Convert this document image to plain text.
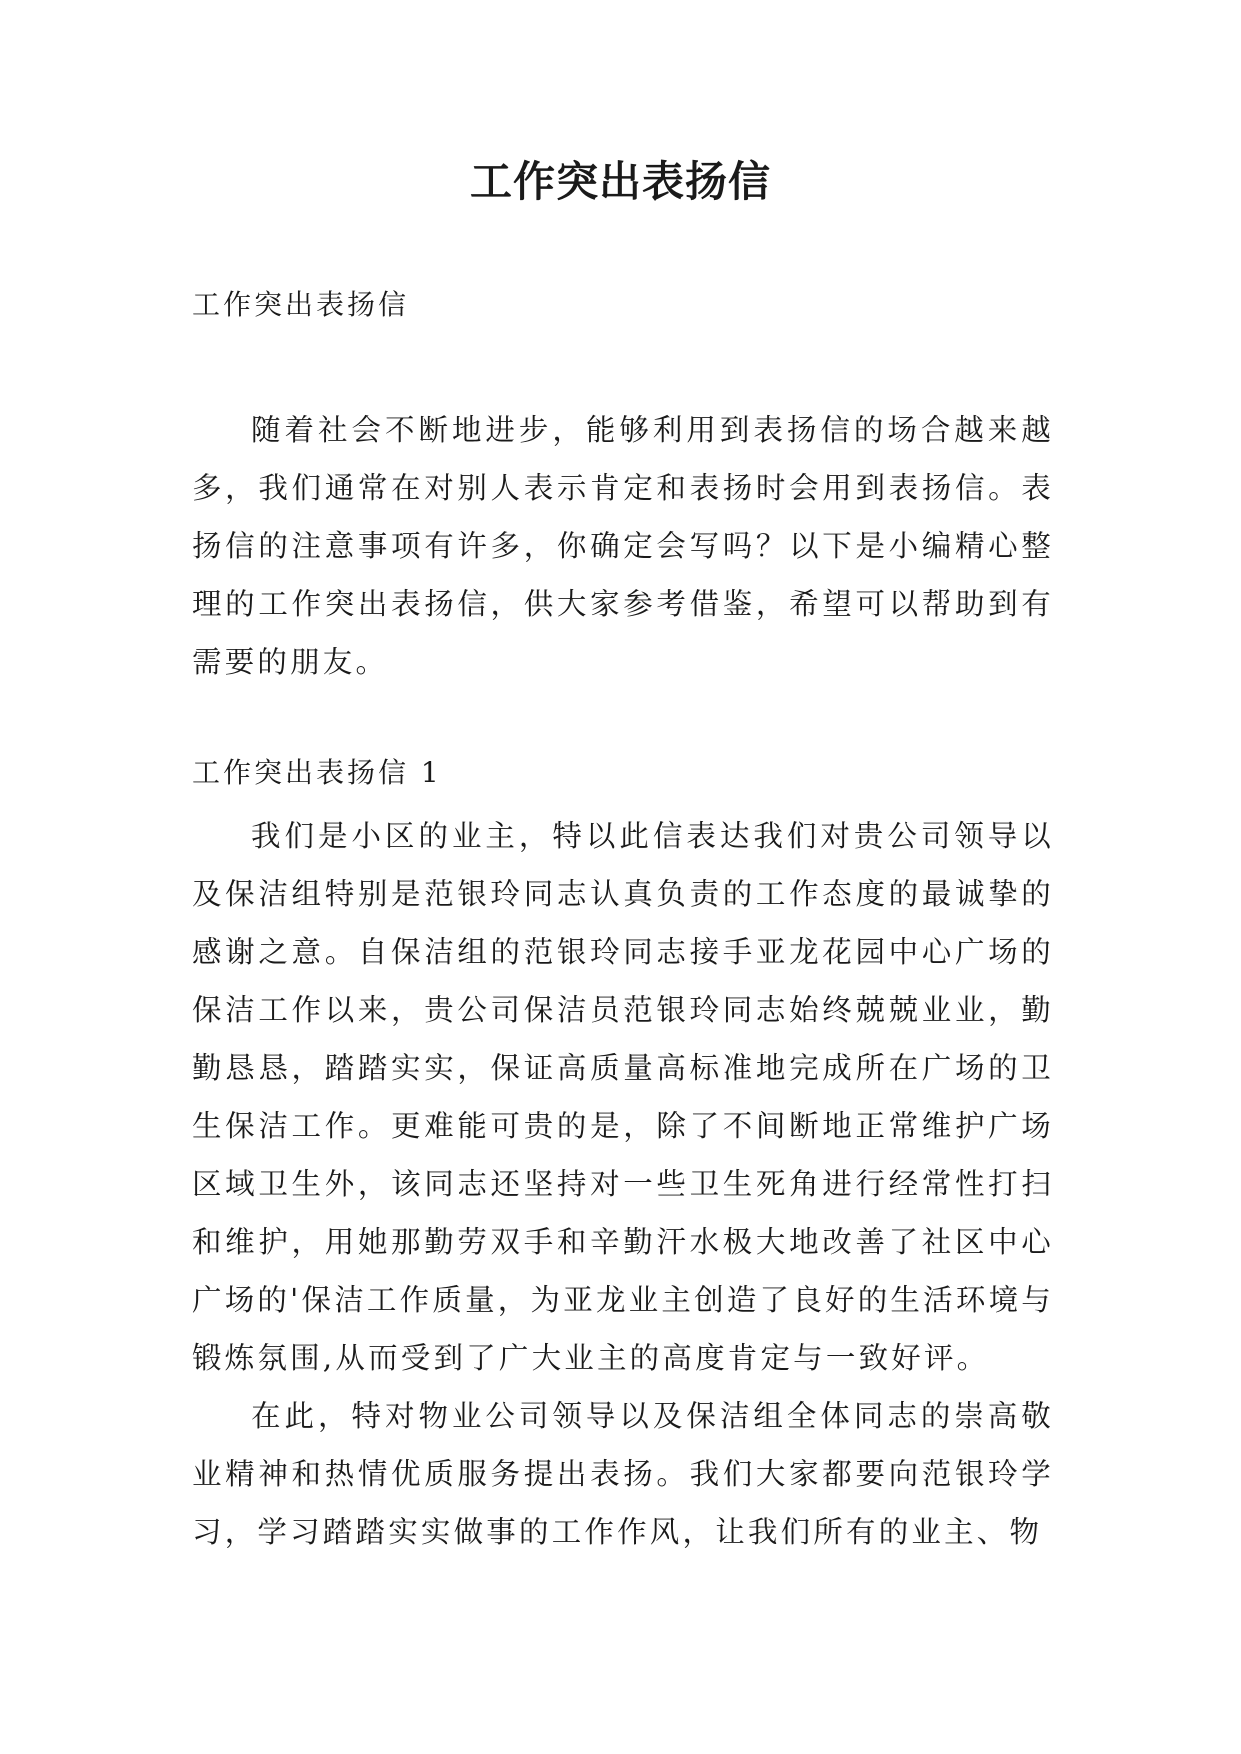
工作突出表扬信

工作突出表扬信

随着社会不断地进步，能够利用到表扬信的场合越来越多，我们通常在对别人表示肯定和表扬时会用到表扬信。表扬信的注意事项有许多，你确定会写吗？以下是小编精心整理的工作突出表扬信，供大家参考借鉴，希望可以帮助到有需要的朋友。

工作突出表扬信 1

我们是小区的业主，特以此信表达我们对贵公司领导以及保洁组特别是范银玲同志认真负责的工作态度的最诚挚的感谢之意。自保洁组的范银玲同志接手亚龙花园中心广场的保洁工作以来，贵公司保洁员范银玲同志始终兢兢业业，勤勤恳恳，踏踏实实，保证高质量高标准地完成所在广场的卫生保洁工作。更难能可贵的是，除了不间断地正常维护广场区域卫生外，该同志还坚持对一些卫生死角进行经常性打扫和维护，用她那勤劳双手和辛勤汗水极大地改善了社区中心广场的'保洁工作质量，为亚龙业主创造了良好的生活环境与锻炼氛围,从而受到了广大业主的高度肯定与一致好评。

在此，特对物业公司领导以及保洁组全体同志的崇高敬业精神和热情优质服务提出表扬。我们大家都要向范银玲学习，学习踏踏实实做事的工作作风，让我们所有的业主、物
